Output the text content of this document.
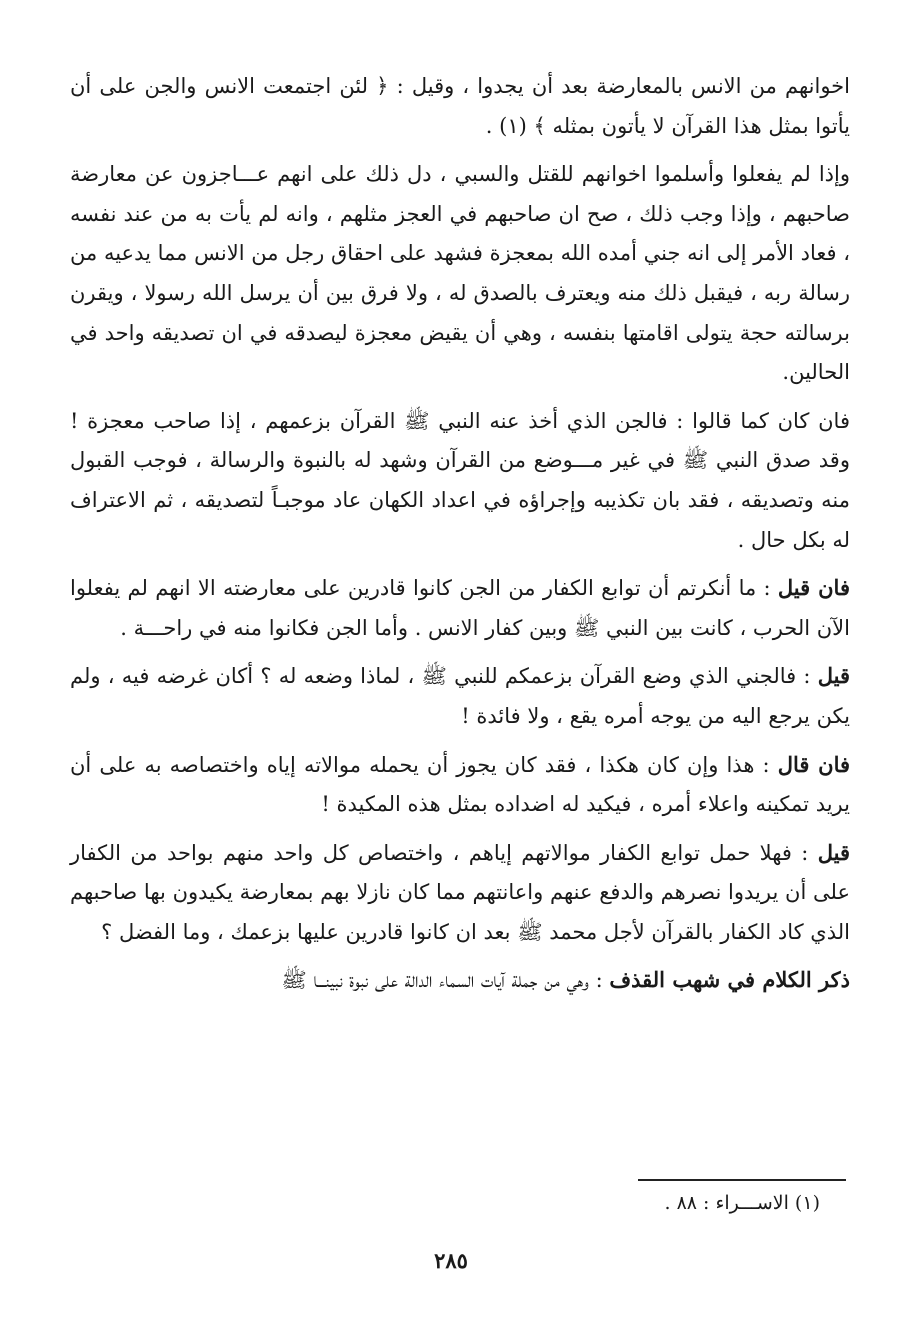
اخوانهم من الانس بالمعارضة بعد أن يجدوا ، وقيل : ﴿ لئن اجتمعت الانس والجن على أن يأتوا بمثل هذا القرآن لا يأتون بمثله ﴾ (١) .

وإذا لم يفعلوا وأسلموا اخوانهم للقتل والسبي ، دل ذلك على انهم عـــاجزون عن معارضة صاحبهم ، وإذا وجب ذلك ، صح ان صاحبهم في العجز مثلهم ، وانه لم يأت به من عند نفسه ، فعاد الأمر إلى انه جني أمده الله بمعجزة فشهد على احقاق رجل من الانس مما يدعيه من رسالة ربه ، فيقبل ذلك منه ويعترف بالصدق له ، ولا فرق بين أن يرسل الله رسولا ، ويقرن برسالته حجة يتولى اقامتها بنفسه ، وهي أن يقيض معجزة ليصدقه في ان تصديقه واحد في الحالين.

فان كان كما قالوا : فالجن الذي أخذ عنه النبي ﷺ القرآن بزعمهم ، إذا صاحب معجزة ! وقد صدق النبي ﷺ في غير مـــوضع من القرآن وشهد له بالنبوة والرسالة ، فوجب القبول منه وتصديقه ، فقد بان تكذيبه وإجراؤه في اعداد الكهان عاد موجبـاً لتصديقه ، ثم الاعتراف له بكل حال .

فان قيل : ما أنكرتم أن توابع الكفار من الجن كانوا قادرين على معارضته الا انهم لم يفعلوا الآن الحرب ، كانت بين النبي ﷺ وبين كفار الانس . وأما الجن فكانوا منه في راحـــة .

قيل : فالجني الذي وضع القرآن بزعمكم للنبي ﷺ ، لماذا وضعه له ؟ أكان غرضه فيه ، ولم يكن يرجع اليه من يوجه أمره يقع ، ولا فائدة !

فان قال : هذا وإن كان هكذا ، فقد كان يجوز أن يحمله موالاته إياه واختصاصه به على أن يريد تمكينه واعلاء أمره ، فيكيد له اضداده بمثل هذه المكيدة !

قيل : فهلا حمل توابع الكفار موالاتهم إياهم ، واختصاص كل واحد منهم بواحد من الكفار على أن يريدوا نصرهم والدفع عنهم واعانتهم مما كان نازلا بهم بمعارضة يكيدون بها صاحبهم الذي كاد الكفار بالقرآن لأجل محمد ﷺ بعد ان كانوا قادرين عليها بزعمك ، وما الفضل ؟

ذكر الكلام في شهب القذف : وهي من جملة آيات السماء الدالة على نبوة نبينـــا ﷺ

(١) الاســـراء : ٨٨ .
٢٨٥
